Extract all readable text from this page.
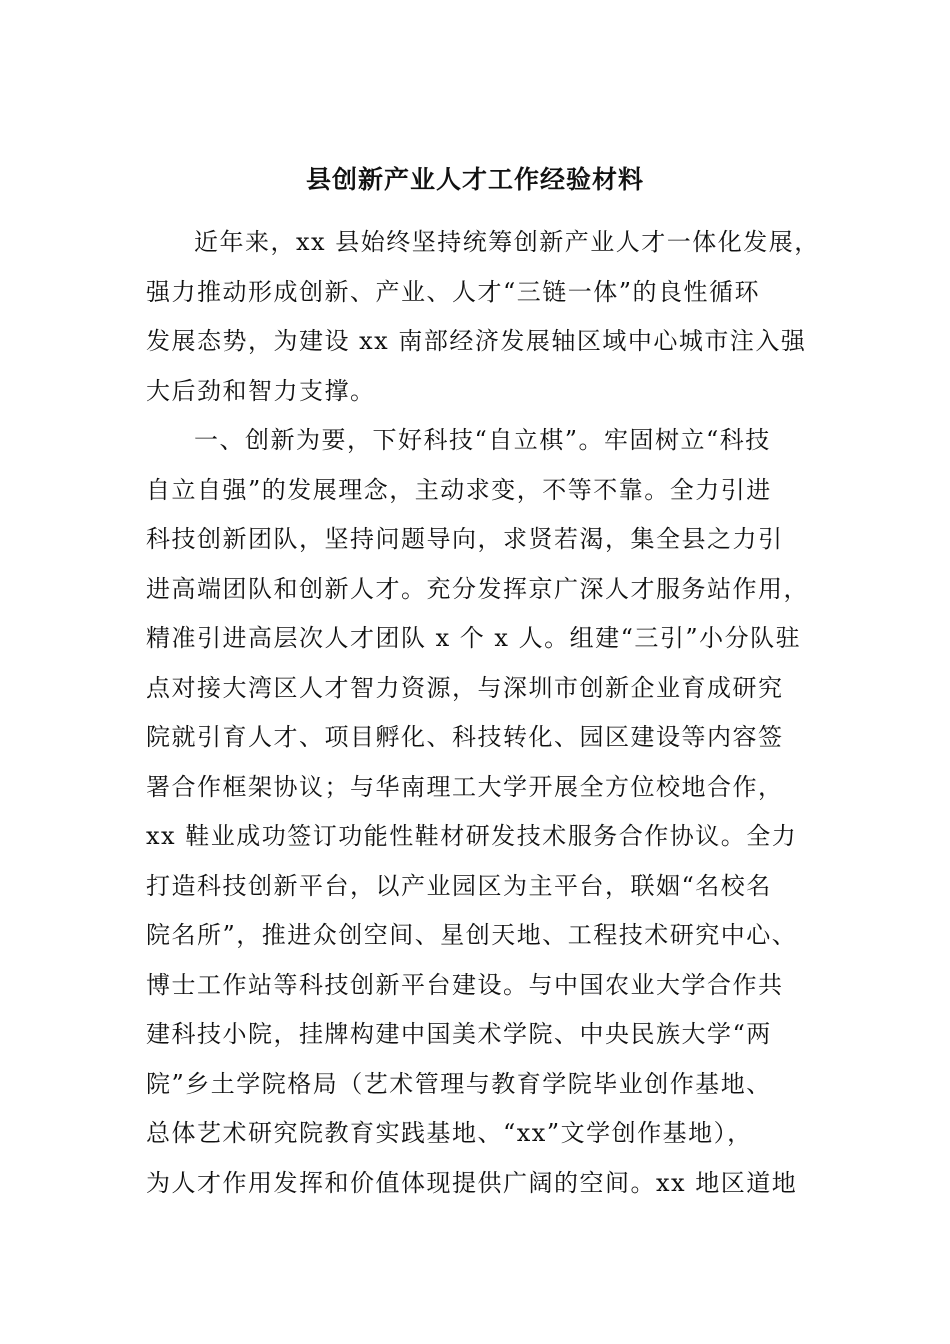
县创新产业人才工作经验材料
近年来，xx 县始终坚持统筹创新产业人才一体化发展，
强力推动形成创新、产业、人才“三链一体”的良性循环
发展态势，为建设 xx 南部经济发展轴区域中心城市注入强
大后劲和智力支撑。
一、创新为要，下好科技“自立棋”。牢固树立“科技
自立自强”的发展理念，主动求变，不等不靠。全力引进
科技创新团队，坚持问题导向，求贤若渴，集全县之力引
进高端团队和创新人才。充分发挥京广深人才服务站作用，
精准引进高层次人才团队 x 个 x 人。组建“三引”小分队驻
点对接大湾区人才智力资源，与深圳市创新企业育成研究
院就引育人才、项目孵化、科技转化、园区建设等内容签
署合作框架协议；与华南理工大学开展全方位校地合作，
xx 鞋业成功签订功能性鞋材研发技术服务合作协议。全力
打造科技创新平台，以产业园区为主平台，联姻“名校名
院名所”，推进众创空间、星创天地、工程技术研究中心、
博士工作站等科技创新平台建设。与中国农业大学合作共
建科技小院，挂牌构建中国美术学院、中央民族大学“两
院”乡土学院格局（艺术管理与教育学院毕业创作基地、
总体艺术研究院教育实践基地、“xx”文学创作基地），
为人才作用发挥和价值体现提供广阔的空间。xx 地区道地
